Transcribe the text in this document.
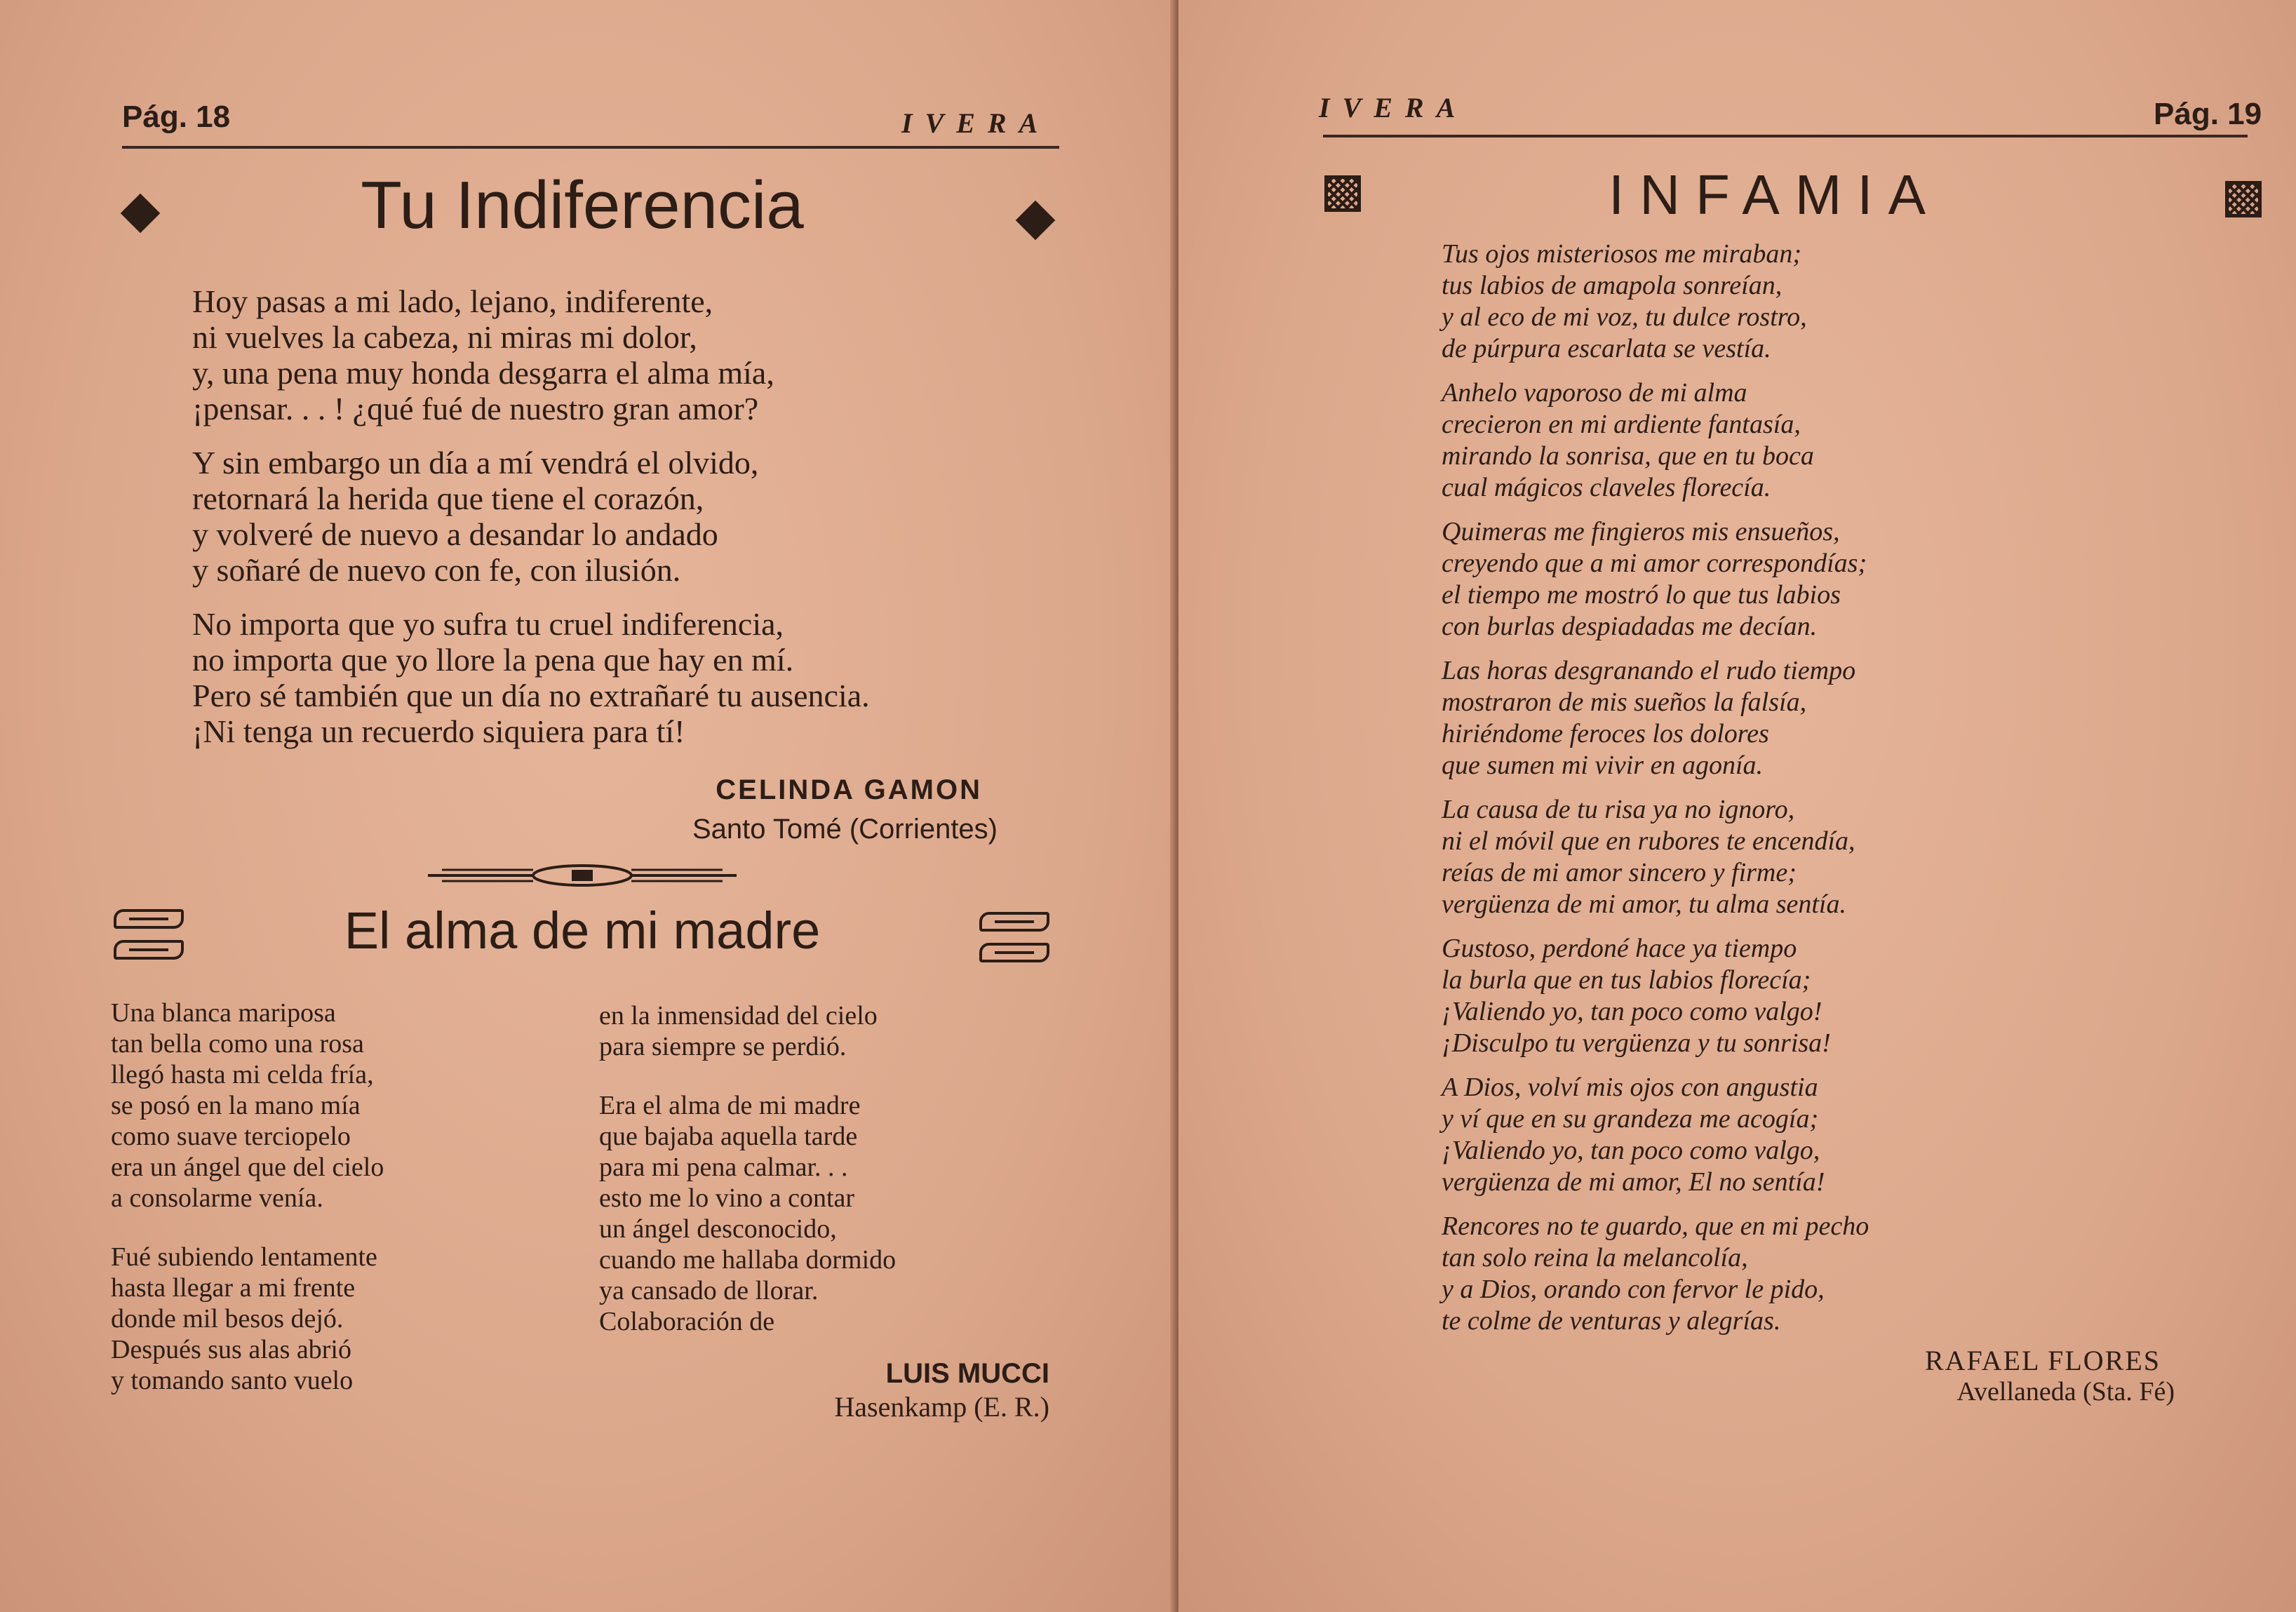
Pág. 18	IVERA
Tu Indiferencia

Hoy pasas a mi lado, lejano, indiferente,
ni vuelves la cabeza, ni miras mi dolor,
y, una pena muy honda desgarra el alma mía,
¡pensar. . . ! ¿qué fué de nuestro gran amor?

Y sin embargo un día a mí vendrá el olvido,
retornará la herida que tiene el corazón,
y volveré de nuevo a desandar lo andado
y soñaré de nuevo con fe, con ilusión.

No importa que yo sufra tu cruel indiferencia,
no importa que yo llore la pena que hay en mí.
Pero sé también que un día no extrañaré tu ausencia.
¡Ni tenga un recuerdo siquiera para tí!

CELINDA GAMON
Santo Tomé (Corrientes)
El alma de mi madre

Una blanca mariposa
tan bella como una rosa
llegó hasta mi celda fría,
se posó en la mano mía
como suave terciopelo
era un ángel que del cielo
a consolarme venía.

Fué subiendo lentamente
hasta llegar a mi frente
donde mil besos dejó.
Después sus alas abrió
y tomando santo vuelo

en la inmensidad del cielo
para siempre se perdió.

Era el alma de mi madre
que bajaba aquella tarde
para mi pena calmar. . .
esto me lo vino a contar
un ángel desconocido,
cuando me hallaba dormido
ya cansado de llorar.
Colaboración de

LUIS MUCCI
Hasenkamp (E. R.)
IVERA	Pág. 19
INFAMIA

Tus ojos misteriosos me miraban;
tus labios de amapola sonreían,
y al eco de mi voz, tu dulce rostro,
de púrpura escarlata se vestía.

Anhelo vaporoso de mi alma
crecieron en mi ardiente fantasía,
mirando la sonrisa, que en tu boca
cual mágicos claveles florecía.

Quimeras me fingieros mis ensueños,
creyendo que a mi amor correspondías;
el tiempo me mostró lo que tus labios
con burlas despiadadas me decían.

Las horas desgranando el rudo tiempo
mostraron de mis sueños la falsía,
hiriéndome feroces los dolores
que sumen mi vivir en agonía.

La causa de tu risa ya no ignoro,
ni el móvil que en rubores te encendía,
reías de mi amor sincero y firme;
vergüenza de mi amor, tu alma sentía.

Gustoso, perdoné hace ya tiempo
la burla que en tus labios florecía;
¡Valiendo yo, tan poco como valgo!
¡Disculpo tu vergüenza y tu sonrisa!

A Dios, volví mis ojos con angustia
y ví que en su grandeza me acogía;
¡Valiendo yo, tan poco como valgo,
vergüenza de mi amor, El no sentía!

Rencores no te guardo, que en mi pecho
tan solo reina la melancolía,
y a Dios, orando con fervor le pido,
te colme de venturas y alegrías.

RAFAEL FLORES
Avellaneda (Sta. Fé)
